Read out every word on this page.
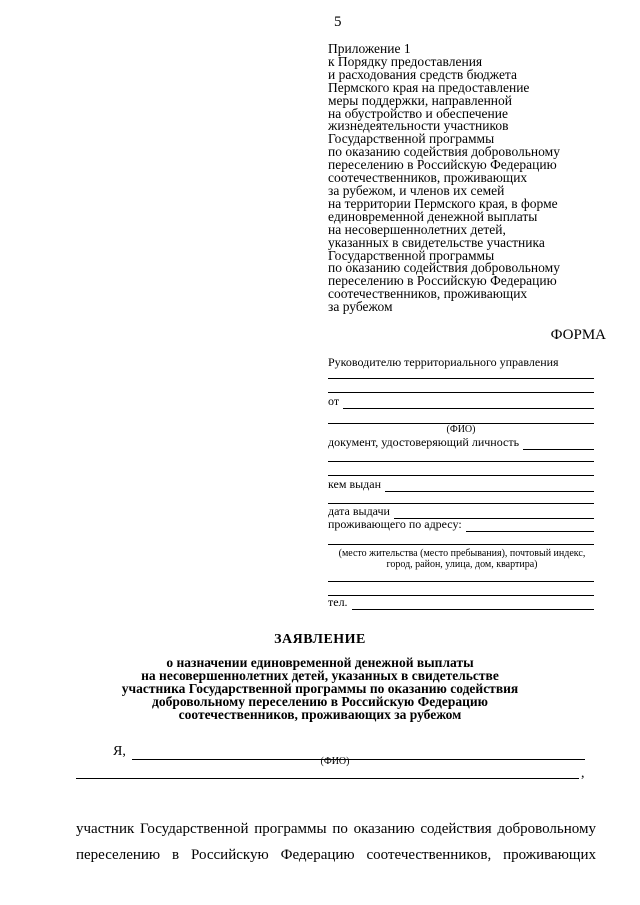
5
Приложение 1
к Порядку предоставления
и расходования средств бюджета
Пермского края на предоставление
меры поддержки, направленной
на обустройство и обеспечение
жизнедеятельности участников
Государственной программы
по оказанию содействия добровольному
переселению в Российскую Федерацию
соотечественников, проживающих
за рубежом, и членов их семей
на территории Пермского края, в форме
единовременной денежной выплаты
на несовершеннолетних детей,
указанных в свидетельстве участника
Государственной программы
по оказанию содействия добровольному
переселению в Российскую Федерацию
соотечественников, проживающих
за рубежом
ФОРМА
Руководителю территориального управления
от
(ФИО)
документ, удостоверяющий личность
кем выдан
дата выдачи
проживающего по адресу:
(место жительства (место пребывания), почтовый индекс,
город, район, улица, дом, квартира)
тел.
ЗАЯВЛЕНИЕ
о назначении единовременной денежной выплаты
на несовершеннолетних детей, указанных в свидетельстве
участника Государственной программы по оказанию содействия
добровольному переселению в Российскую Федерацию
соотечественников, проживающих за рубежом
Я,
(ФИО)
,
участник Государственной программы по оказанию содействия добровольному
переселению в Российскую Федерацию соотечественников, проживающих
